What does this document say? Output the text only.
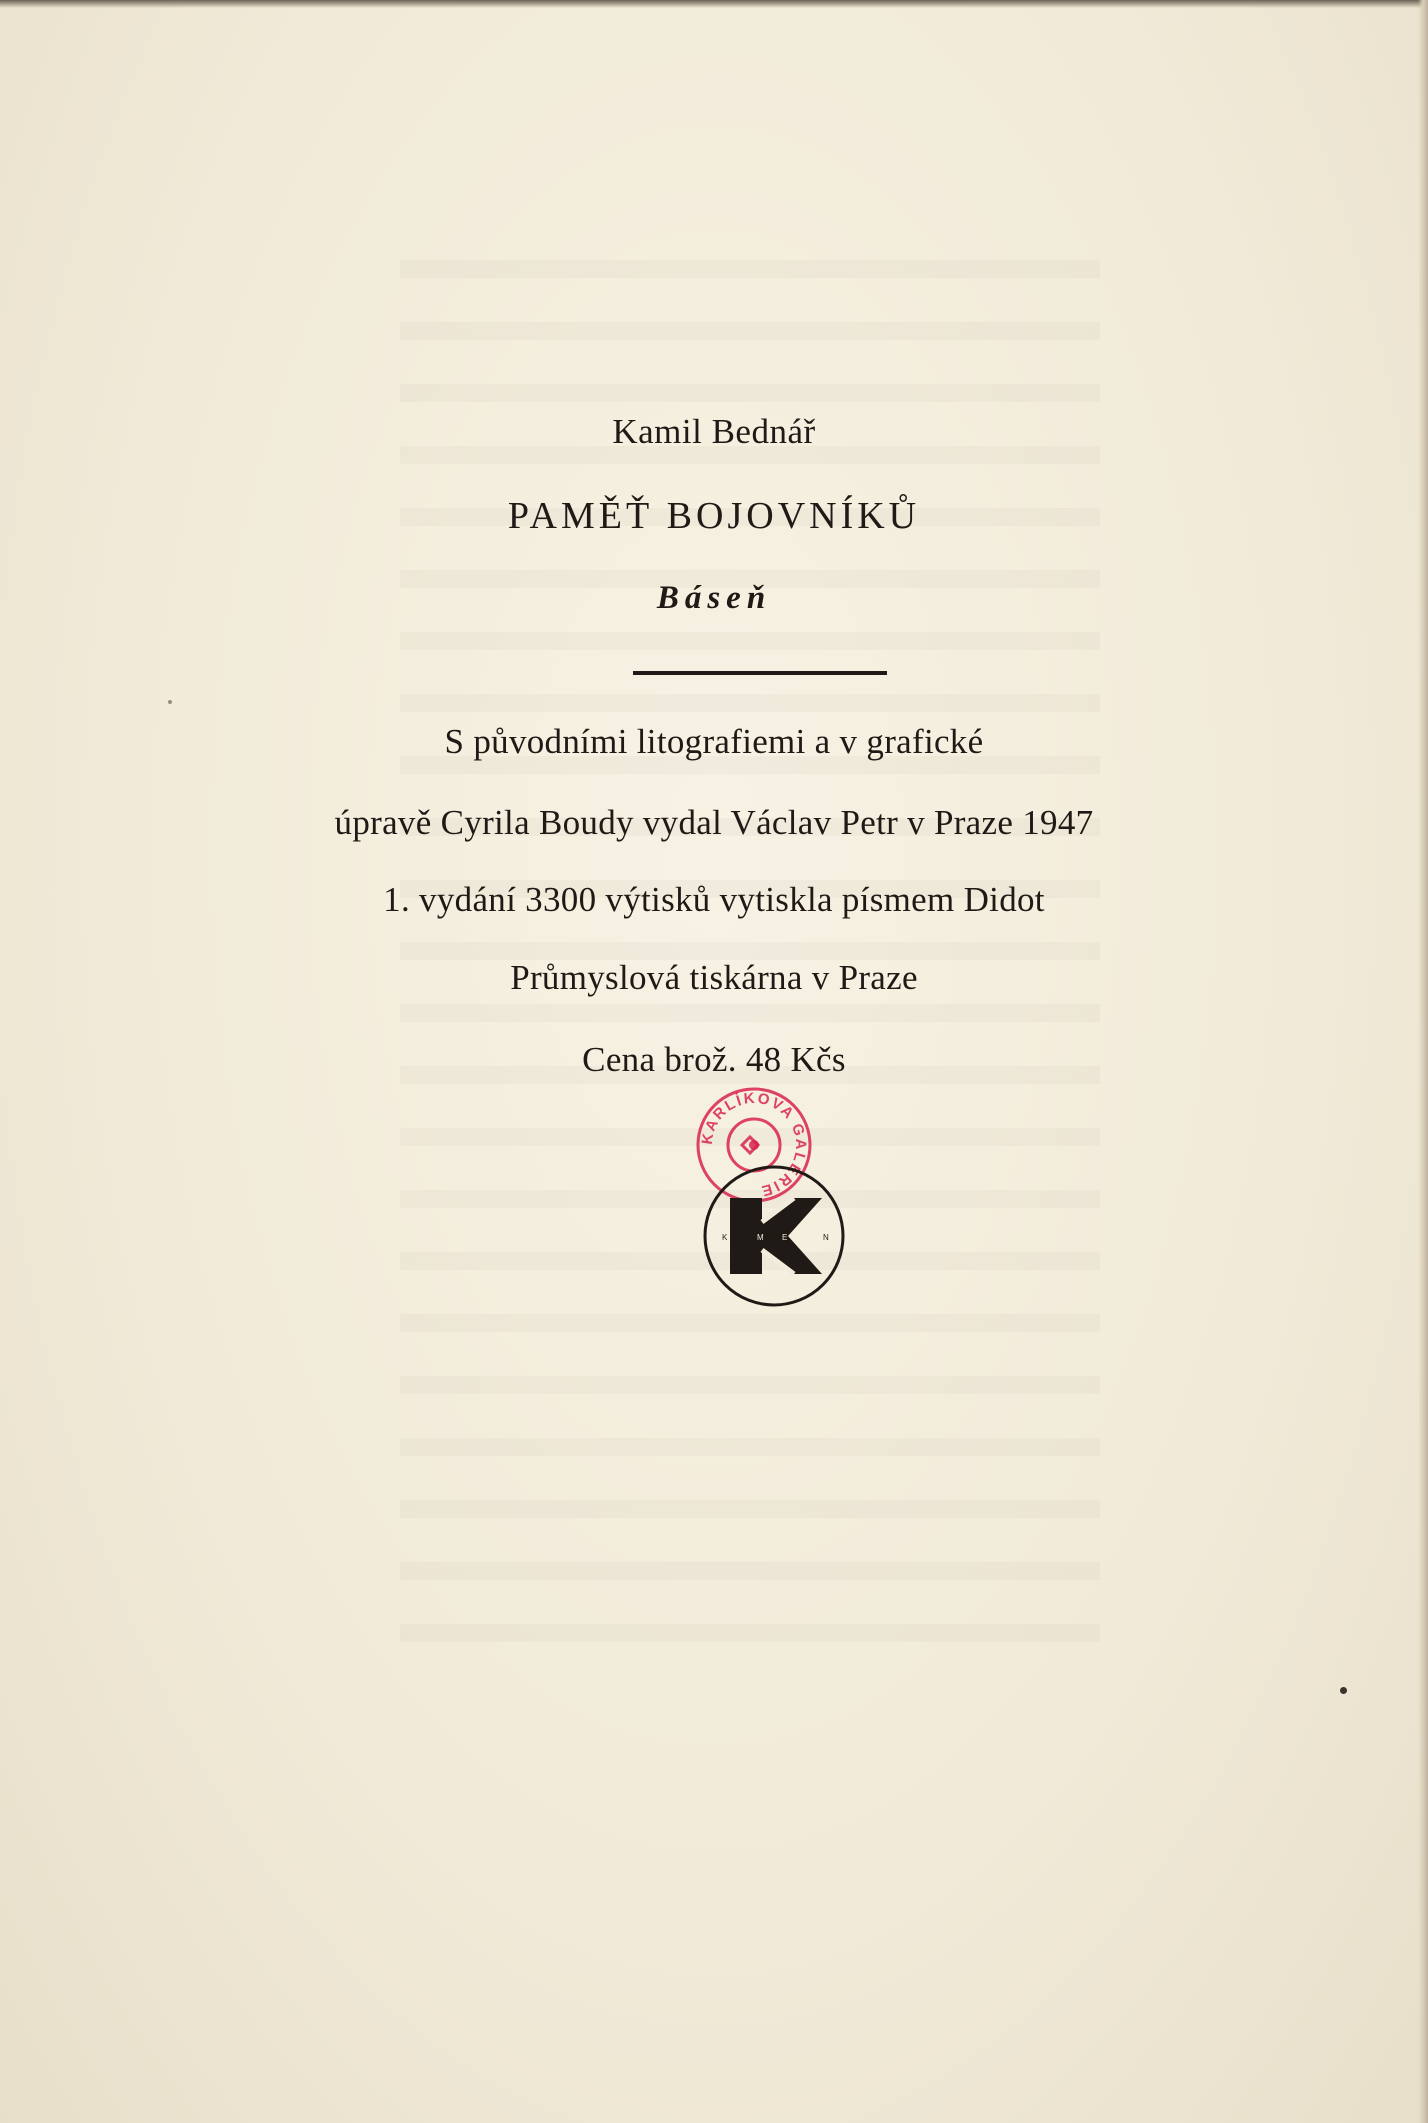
Kamil Bednář
PAMĚŤ BOJOVNÍKŮ
Báseň
S původními litografiemi a v grafické
úpravě Cyrila Boudy vydal Václav Petr v Praze 1947
1. vydání 3300 výtisků vytiskla písmem Didot
Průmyslová tiskárna v Praze
Cena brož. 48 Kčs
KARLÍKOVA GALERIE
K	M E	N
